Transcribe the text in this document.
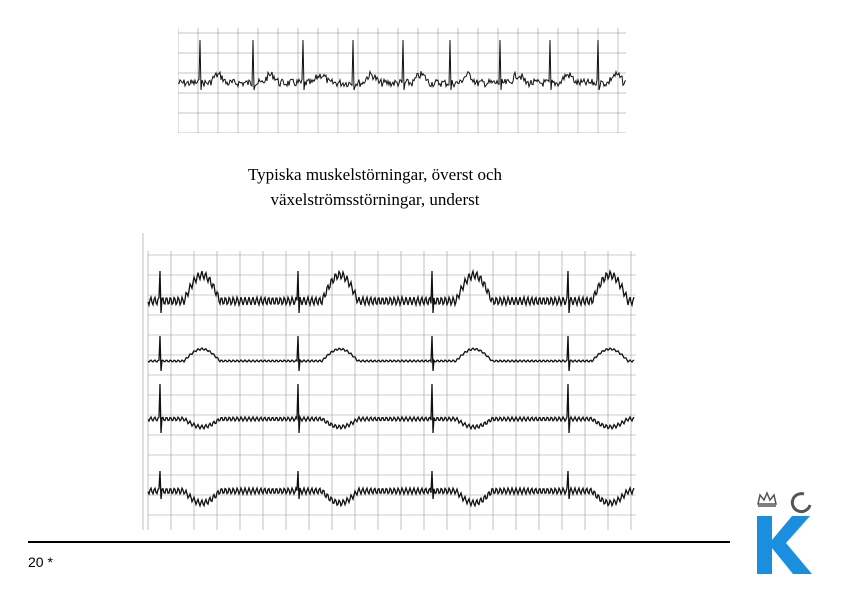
Typiska muskelstörningar, överst och
växelströmsstörningar, underst
20 *
